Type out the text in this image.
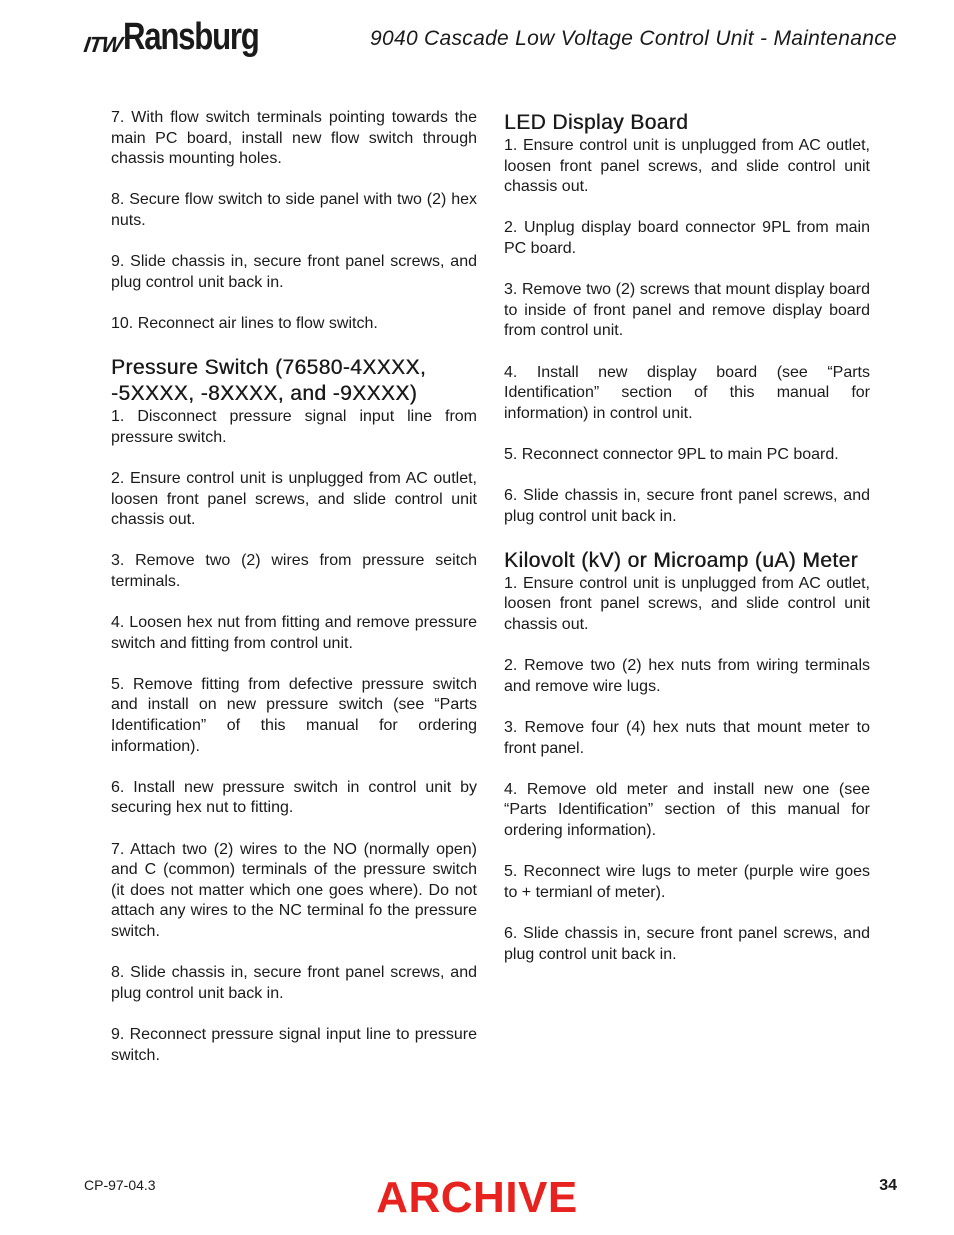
ITW Ransburg	9040 Cascade Low Voltage Control Unit - Maintenance

7. With flow switch terminals pointing towards the main PC board, install new flow switch through chassis mounting holes.

8. Secure flow switch to side panel with two (2) hex nuts.

9. Slide chassis in, secure front panel screws, and plug control unit back in.

10. Reconnect air lines to flow switch.

Pressure Switch (76580-4XXXX, -5XXXX, -8XXXX, and -9XXXX)

1. Disconnect pressure signal input line from pressure switch.

2. Ensure control unit is unplugged from AC outlet, loosen front panel screws, and slide control unit chassis out.

3. Remove two (2) wires from pressure seitch terminals.

4. Loosen hex nut from fitting and remove pressure switch and fitting from control unit.

5. Remove fitting from defective pressure switch and install on new pressure switch (see “Parts Identification” of this manual for ordering information).

6. Install new pressure switch in control unit by securing hex nut to fitting.

7. Attach two (2) wires to the NO (normally open) and C (common) terminals of the pressure switch (it does not matter which one goes where). Do not attach any wires to the NC terminal fo the pressure switch.

8. Slide chassis in, secure front panel screws, and plug control unit back in.

9. Reconnect pressure signal input line to pressure switch.

LED Display Board

1. Ensure control unit is unplugged from AC outlet, loosen front panel screws, and slide control unit chassis out.

2. Unplug display board connector 9PL from main PC board.

3. Remove two (2) screws that mount display board to inside of front panel and remove display board from control unit.

4. Install new display board (see “Parts Identification” section of this manual for information) in control unit.

5. Reconnect connector 9PL to main PC board.

6. Slide chassis in, secure front panel screws, and plug control unit back in.

Kilovolt (kV) or Microamp (uA) Meter

1. Ensure control unit is unplugged from AC outlet, loosen front panel screws, and slide control unit chassis out.

2. Remove two (2) hex nuts from wiring terminals and remove wire lugs.

3. Remove four (4) hex nuts that mount meter to front panel.

4. Remove old meter and install new one (see “Parts Identification” section of this manual for ordering information).

5. Reconnect wire lugs to meter (purple wire goes to + termianl of meter).

6. Slide chassis in, secure front panel screws, and plug control unit back in.

CP-97-04.3	ARCHIVE	34
